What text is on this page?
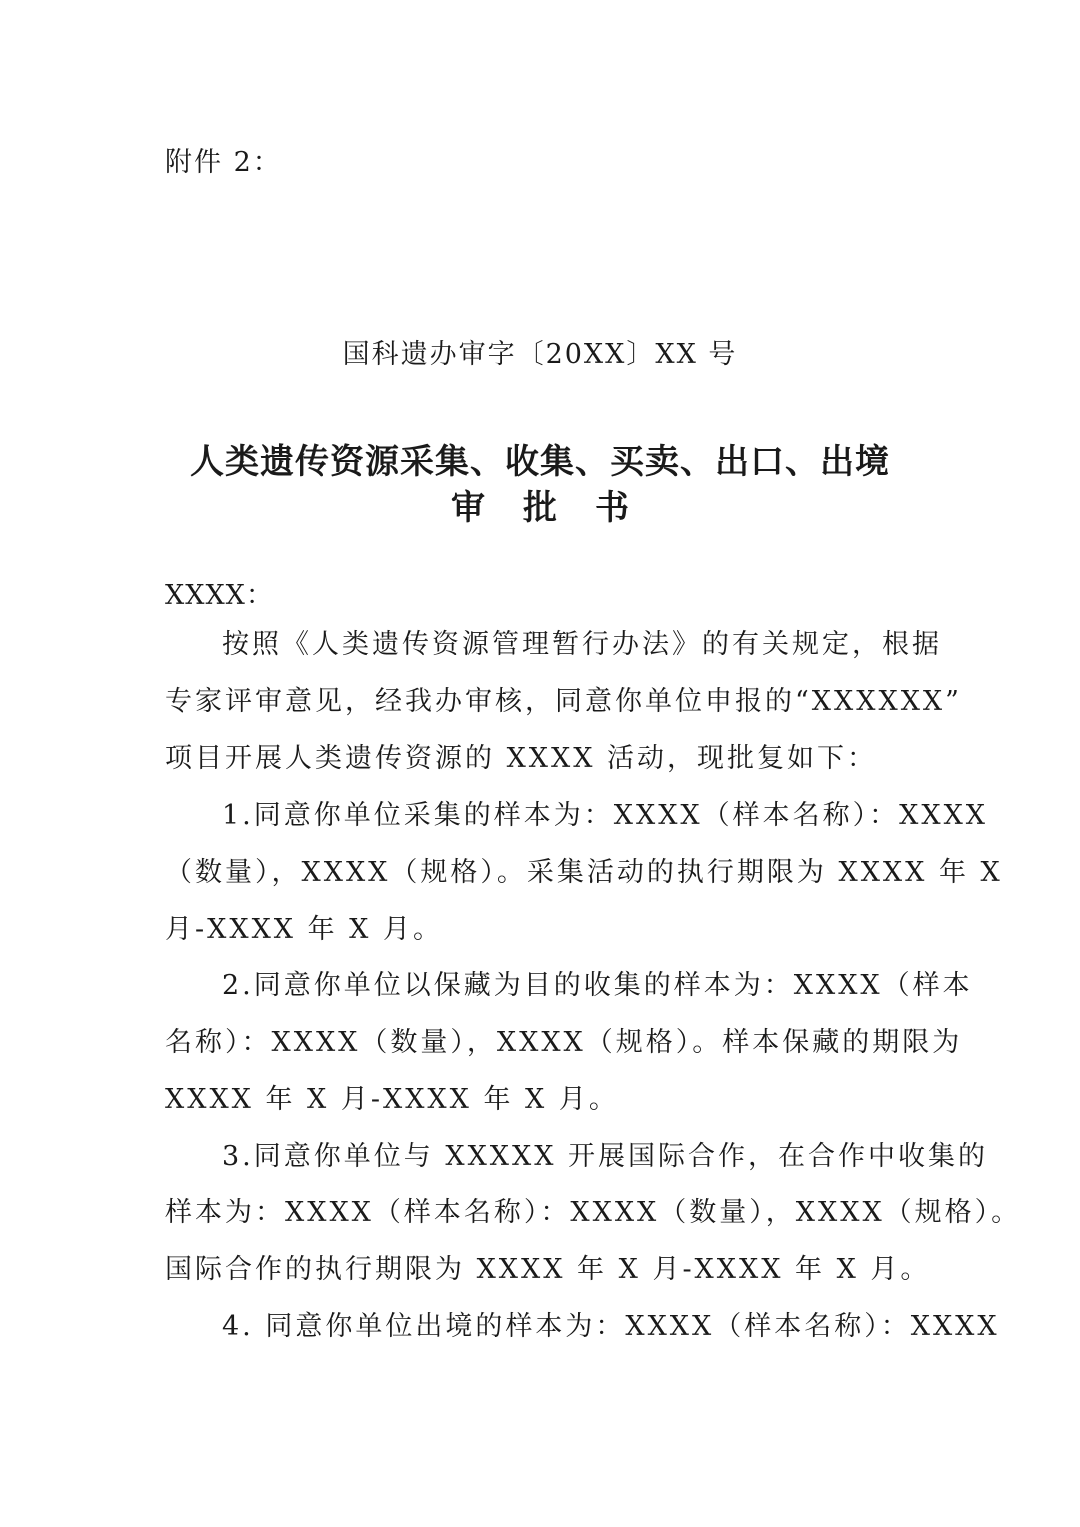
附件 2：
国科遗办审字〔20XX〕XX 号
人类遗传资源采集、收集、买卖、出口、出境
审批书
XXXX：
按照《人类遗传资源管理暂行办法》的有关规定，根据
专家评审意见，经我办审核，同意你单位申报的“XXXXXX”
项目开展人类遗传资源的 XXXX 活动，现批复如下：
1.同意你单位采集的样本为：XXXX（样本名称）：XXXX
（数量），XXXX（规格）。采集活动的执行期限为 XXXX 年 X
月-XXXX 年 X 月。
2.同意你单位以保藏为目的收集的样本为：XXXX（样本
名称）：XXXX（数量），XXXX（规格）。样本保藏的期限为
XXXX 年 X 月-XXXX 年 X 月。
3.同意你单位与 XXXXX 开展国际合作，在合作中收集的
样本为：XXXX（样本名称）：XXXX（数量），XXXX（规格）。
国际合作的执行期限为 XXXX 年 X 月-XXXX 年 X 月。
4. 同意你单位出境的样本为：XXXX（样本名称）：XXXX
